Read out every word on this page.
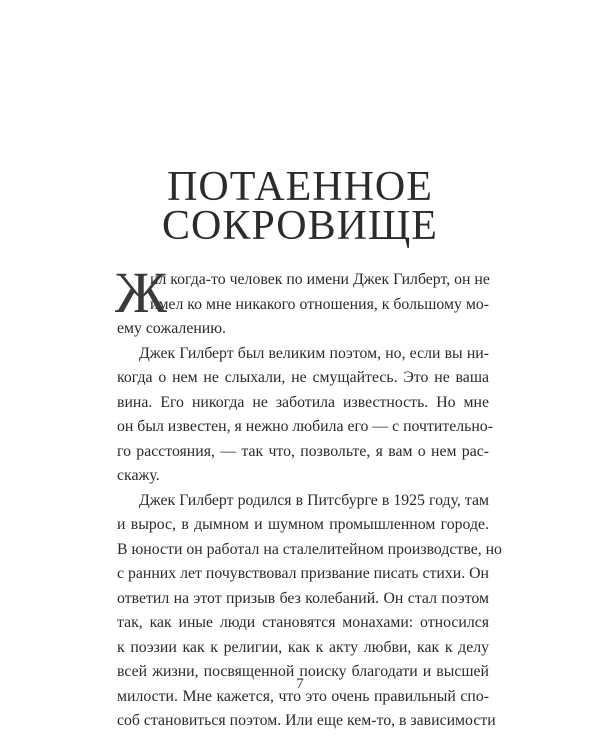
ПОТАЕННОЕ
СОКРОВИЩЕ
Ж
ил когда-то человек по имени Джек Гилберт, он не
имел ко мне никакого отношения, к большому мо-
ему сожалению.
Джек Гилберт был великим поэтом, но, если вы ни-
когда о нем не слыхали, не смущайтесь. Это не ваша
вина. Его никогда не заботила известность. Но мне
он был известен, я нежно любила его — с почтительно-
го расстояния, — так что, позвольте, я вам о нем рас-
скажу.
Джек Гилберт родился в Питсбурге в 1925 году, там
и вырос, в дымном и шумном промышленном городе.
В юности он работал на сталелитейном производстве, но
с ранних лет почувствовал призвание писать стихи. Он
ответил на этот призыв без колебаний. Он стал поэтом
так, как иные люди становятся монахами: относился
к поэзии как к религии, как к акту любви, как к делу
всей жизни, посвященной поиску благодати и высшей
милости. Мне кажется, что это очень правильный спо-
соб становиться поэтом. Или еще кем-то, в зависимости
7
